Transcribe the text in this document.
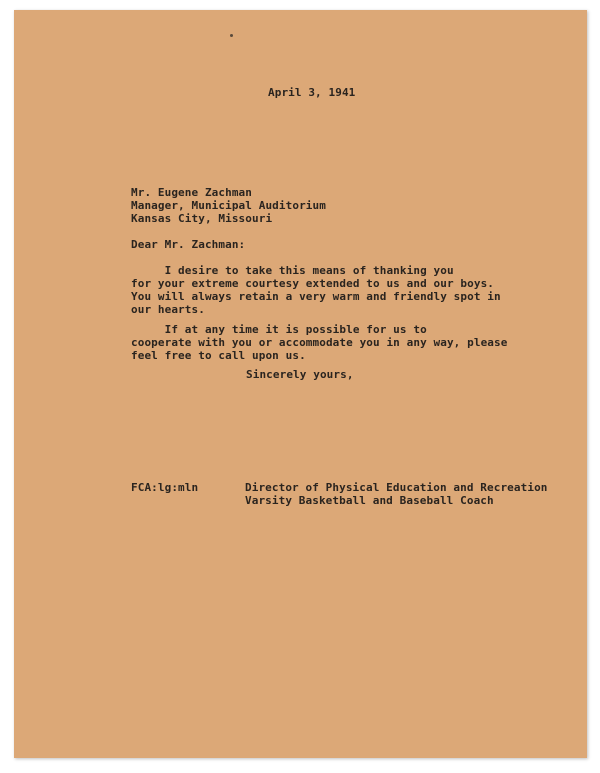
April 3, 1941
Mr. Eugene Zachman
Manager, Municipal Auditorium
Kansas City, Missouri
Dear Mr. Zachman:
I desire to take this means of thanking you
for your extreme courtesy extended to us and our boys.
You will always retain a very warm and friendly spot in
our hearts.
If at any time it is possible for us to
cooperate with you or accommodate you in any way, please
feel free to call upon us.
Sincerely yours,
FCA:lg:mln	Director of Physical Education and Recreation
Varsity Basketball and Baseball Coach
